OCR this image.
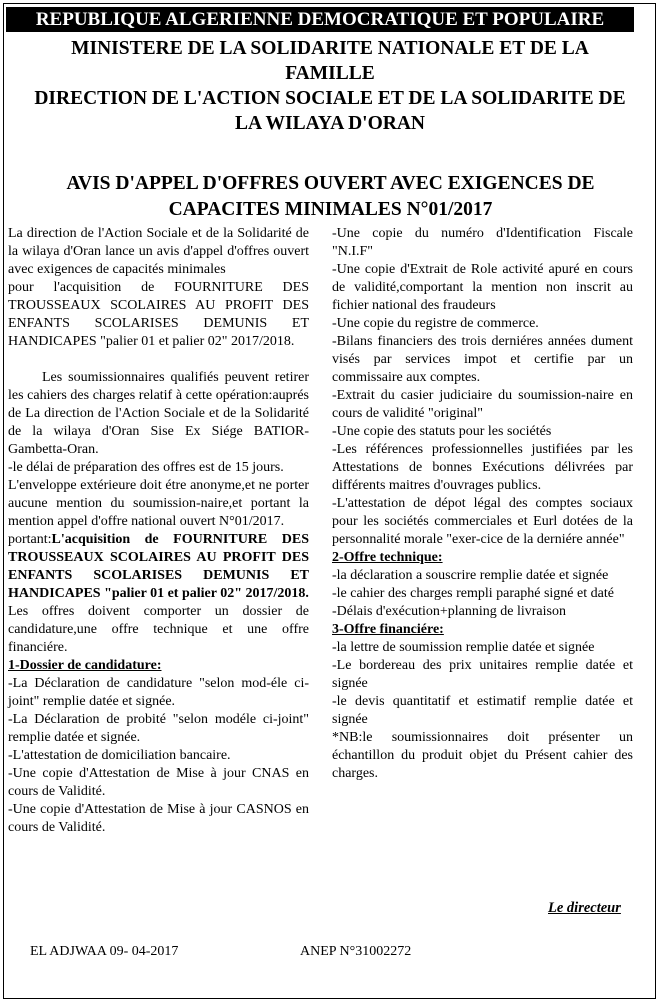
REPUBLIQUE ALGERIENNE DEMOCRATIQUE ET POPULAIRE
MINISTERE DE LA SOLIDARITE NATIONALE ET DE LA FAMILLE
DIRECTION DE L'ACTION SOCIALE ET DE LA SOLIDARITE DE LA WILAYA D'ORAN
AVIS D'APPEL D'OFFRES OUVERT AVEC EXIGENCES DE CAPACITES MINIMALES N°01/2017

La direction de l'Action Sociale et de la Solidarité de la wilaya d'Oran lance un avis d'appel d'offres ouvert avec exigences de capacités minimales

pour l'acquisition de FOURNITURE DES TROUSSEAUX SCOLAIRES AU PROFIT DES ENFANTS SCOLARISES DEMUNIS ET HANDICAPES "palier 01 et palier 02" 2017/2018.

Les soumissionnaires qualifiés peuvent retirer les cahiers des charges relatif à cette opération:auprés de La direction de l'Action Sociale et de la Solidarité de la wilaya d'Oran Sise Ex Siége BATIOR-Gambetta-Oran.

-le délai de préparation des offres est de 15 jours.

L'enveloppe extérieure doit étre anonyme,et ne porter aucune mention du soumission-naire,et portant la mention appel d'offre national ouvert N°01/2017.

portant:L'acquisition de FOURNITURE DES TROUSSEAUX SCOLAIRES AU PROFIT DES ENFANTS SCOLARISES DEMUNIS ET HANDICAPES "palier 01 et palier 02" 2017/2018.

Les offres doivent comporter un dossier de candidature,une offre technique et une offre financiére.

1-Dossier de candidature:

-La Déclaration de candidature "selon mod-éle ci-joint" remplie datée et signée.

-La Déclaration de probité "selon modéle ci-joint" remplie datée et signée.

-L'attestation de domiciliation bancaire.

-Une copie d'Attestation de Mise à jour CNAS en cours de Validité.

-Une copie d'Attestation de Mise à jour CASNOS en cours de Validité.

-Une copie du numéro d'Identification Fiscale "N.I.F"

-Une copie d'Extrait de Role activité apuré en cours de validité,comportant la mention non inscrit au fichier national des fraudeurs

-Une copie du registre de commerce.

-Bilans financiers des trois derniéres années dument visés par services impot et certifie par un commissaire aux comptes.

-Extrait du casier judiciaire du soumission-naire en cours de validité "original"

-Une copie des statuts pour les sociétés

-Les références professionnelles justifiées par les Attestations de bonnes Exécutions délivrées par différents maitres d'ouvrages publics.

-L'attestation de dépot légal des comptes sociaux pour les sociétés commerciales et Eurl dotées de la personnalité morale "exer-cice de la derniére année"

2-Offre technique:

-la déclaration a souscrire remplie datée et signée

-le cahier des charges rempli paraphé signé et daté

-Délais d'exécution+planning de livraison

3-Offre financiére:

-la lettre de soumission remplie datée et signée

-Le bordereau des prix unitaires remplie datée et signée

-le devis quantitatif et estimatif remplie datée et signée

*NB:le soumissionnaires doit présenter un échantillon du produit objet du Présent cahier des charges.

Le directeur
EL ADJWAA 09- 04-2017	ANEP N°31002272
